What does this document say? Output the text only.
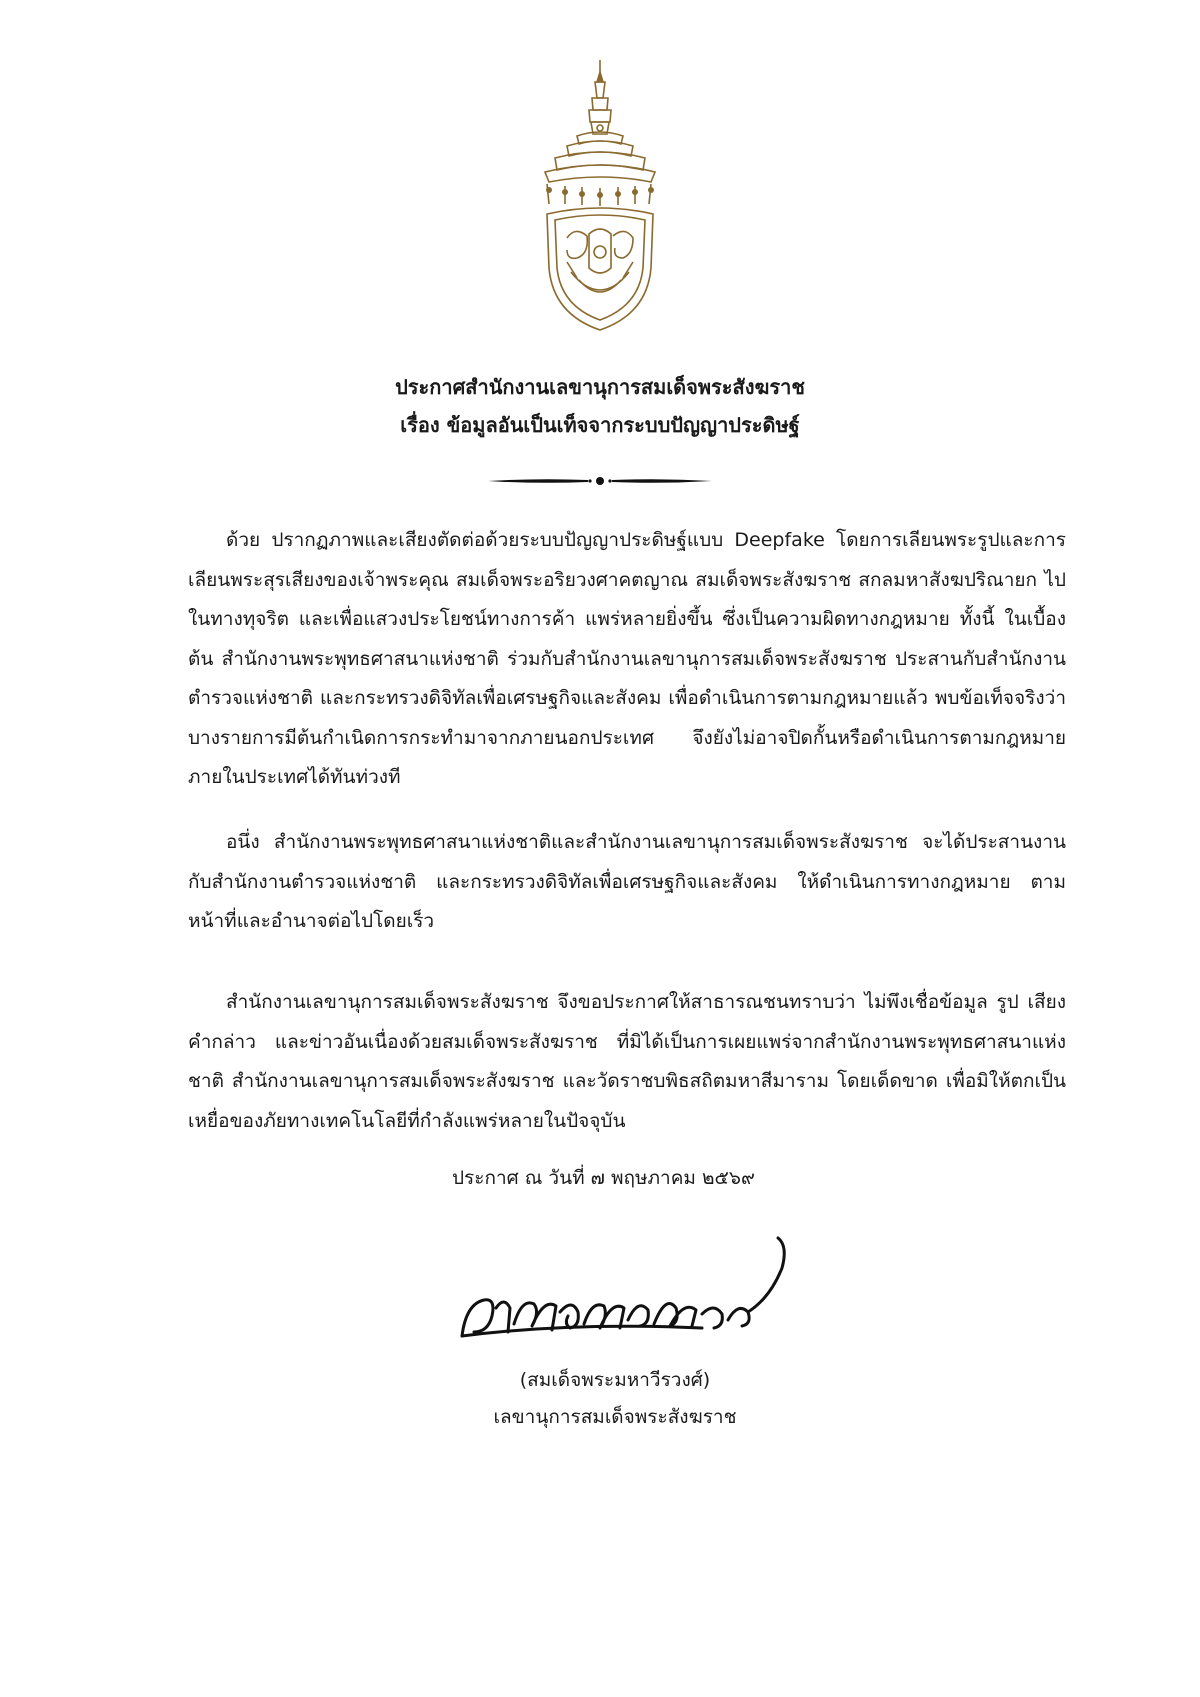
ประกาศสำนักงานเลขานุการสมเด็จพระสังฆราช
เรื่อง ข้อมูลอันเป็นเท็จจากระบบปัญญาประดิษฐ์

ด้วย ปรากฏภาพและเสียงตัดต่อด้วยระบบปัญญาประดิษฐ์แบบ Deepfake โดยการเลียนพระรูปและการเลียนพระสุรเสียงของเจ้าพระคุณ สมเด็จพระอริยวงศาคตญาณ สมเด็จพระสังฆราช สกลมหาสังฆปริณายก ไปในทางทุจริต และเพื่อแสวงประโยชน์ทางการค้า แพร่หลายยิ่งขึ้น ซึ่งเป็นความผิดทางกฎหมาย ทั้งนี้ ในเบื้องต้น สำนักงานพระพุทธศาสนาแห่งชาติ ร่วมกับสำนักงานเลขานุการสมเด็จพระสังฆราช ประสานกับสำนักงานตำรวจแห่งชาติ และกระทรวงดิจิทัลเพื่อเศรษฐกิจและสังคม เพื่อดำเนินการตามกฎหมายแล้ว พบข้อเท็จจริงว่า บางรายการมีต้นกำเนิดการกระทำมาจากภายนอกประเทศ จึงยังไม่อาจปิดกั้นหรือดำเนินการตามกฎหมายภายในประเทศได้ทันท่วงที

อนึ่ง สำนักงานพระพุทธศาสนาแห่งชาติและสำนักงานเลขานุการสมเด็จพระสังฆราช จะได้ประสานงานกับสำนักงานตำรวจแห่งชาติ และกระทรวงดิจิทัลเพื่อเศรษฐกิจและสังคม ให้ดำเนินการทางกฎหมาย ตามหน้าที่และอำนาจต่อไปโดยเร็ว

สำนักงานเลขานุการสมเด็จพระสังฆราช จึงขอประกาศให้สาธารณชนทราบว่า ไม่พึงเชื่อข้อมูล รูป เสียง คำกล่าว และข่าวอันเนื่องด้วยสมเด็จพระสังฆราช ที่มิได้เป็นการเผยแพร่จากสำนักงานพระพุทธศาสนาแห่งชาติ สำนักงานเลขานุการสมเด็จพระสังฆราช และวัดราชบพิธสถิตมหาสีมาราม โดยเด็ดขาด เพื่อมิให้ตกเป็นเหยื่อของภัยทางเทคโนโลยีที่กำลังแพร่หลายในปัจจุบัน

ประกาศ ณ วันที่ ๗ พฤษภาคม ๒๕๖๙
(สมเด็จพระมหาวีรวงศ์)
เลขานุการสมเด็จพระสังฆราช
